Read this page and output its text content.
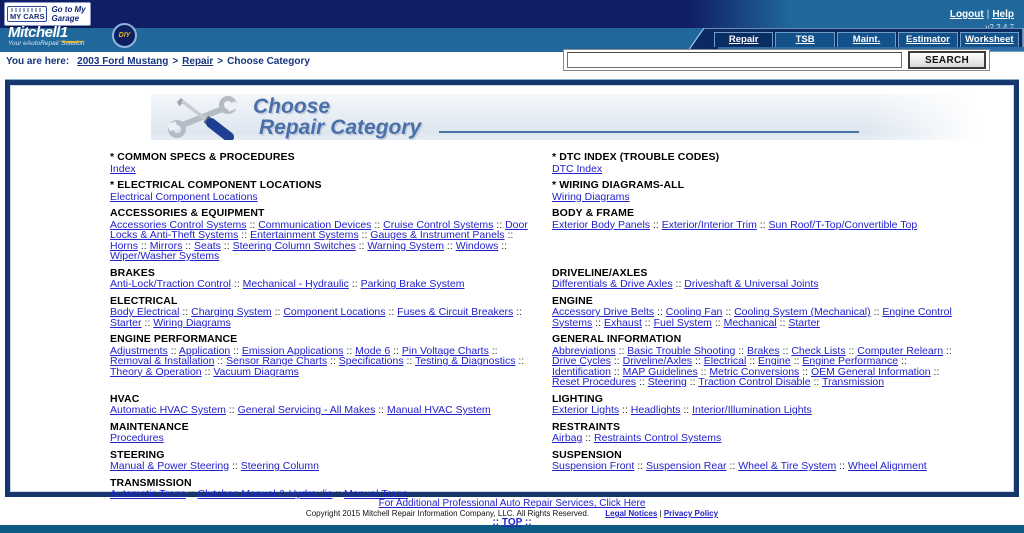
MY CARS
Go to My
Garage	Logout | Help
Mitchell1
Your eAutoRepair Solution
DIY	Repair	TSB	Maint.	Estimator	Worksheet
You are here: 2003 Ford Mustang > Repair > Choose Category	SEARCH
Choose
Repair Category
* COMMON SPECS & PROCEDURES
Index
* DTC INDEX (TROUBLE CODES)
DTC Index
* ELECTRICAL COMPONENT LOCATIONS
Electrical Component Locations
* WIRING DIAGRAMS-ALL
Wiring Diagrams
ACCESSORIES & EQUIPMENT
Accessories Control Systems :: Communication Devices :: Cruise Control Systems :: Door Locks & Anti-Theft Systems :: Entertainment Systems :: Gauges & Instrument Panels :: Horns :: Mirrors :: Seats :: Steering Column Switches :: Warning System :: Windows :: Wiper/Washer Systems
BODY & FRAME
Exterior Body Panels :: Exterior/Interior Trim :: Sun Roof/T-Top/Convertible Top
BRAKES
Anti-Lock/Traction Control :: Mechanical - Hydraulic :: Parking Brake System
DRIVELINE/AXLES
Differentials & Drive Axles :: Driveshaft & Universal Joints
ELECTRICAL
Body Electrical :: Charging System :: Component Locations :: Fuses & Circuit Breakers :: Starter :: Wiring Diagrams
ENGINE
Accessory Drive Belts :: Cooling Fan :: Cooling System (Mechanical) :: Engine Control Systems :: Exhaust :: Fuel System :: Mechanical :: Starter
ENGINE PERFORMANCE
Adjustments :: Application :: Emission Applications :: Mode 6 :: Pin Voltage Charts :: Removal & Installation :: Sensor Range Charts :: Specifications :: Testing & Diagnostics :: Theory & Operation :: Vacuum Diagrams
GENERAL INFORMATION
Abbreviations :: Basic Trouble Shooting :: Brakes :: Check Lists :: Computer Relearn :: Drive Cycles :: Driveline/Axles :: Electrical :: Engine :: Engine Performance :: Identification :: MAP Guidelines :: Metric Conversions :: OEM General Information :: Reset Procedures :: Steering :: Traction Control Disable :: Transmission
HVAC
Automatic HVAC System :: General Servicing - All Makes :: Manual HVAC System
LIGHTING
Exterior Lights :: Headlights :: Interior/Illumination Lights
MAINTENANCE
Procedures
RESTRAINTS
Airbag :: Restraints Control Systems
STEERING
Manual & Power Steering :: Steering Column
SUSPENSION
Suspension Front :: Suspension Rear :: Wheel & Tire System :: Wheel Alignment
TRANSMISSION
Automatic Trans :: Clutches Manual & Hydraulic :: Manual Trans
For Additional Professional Auto Repair Services, Click Here
Copyright 2015 Mitchell Repair Information Company, LLC. All Rights Reserved. Legal Notices | Privacy Policy
:: TOP ::
